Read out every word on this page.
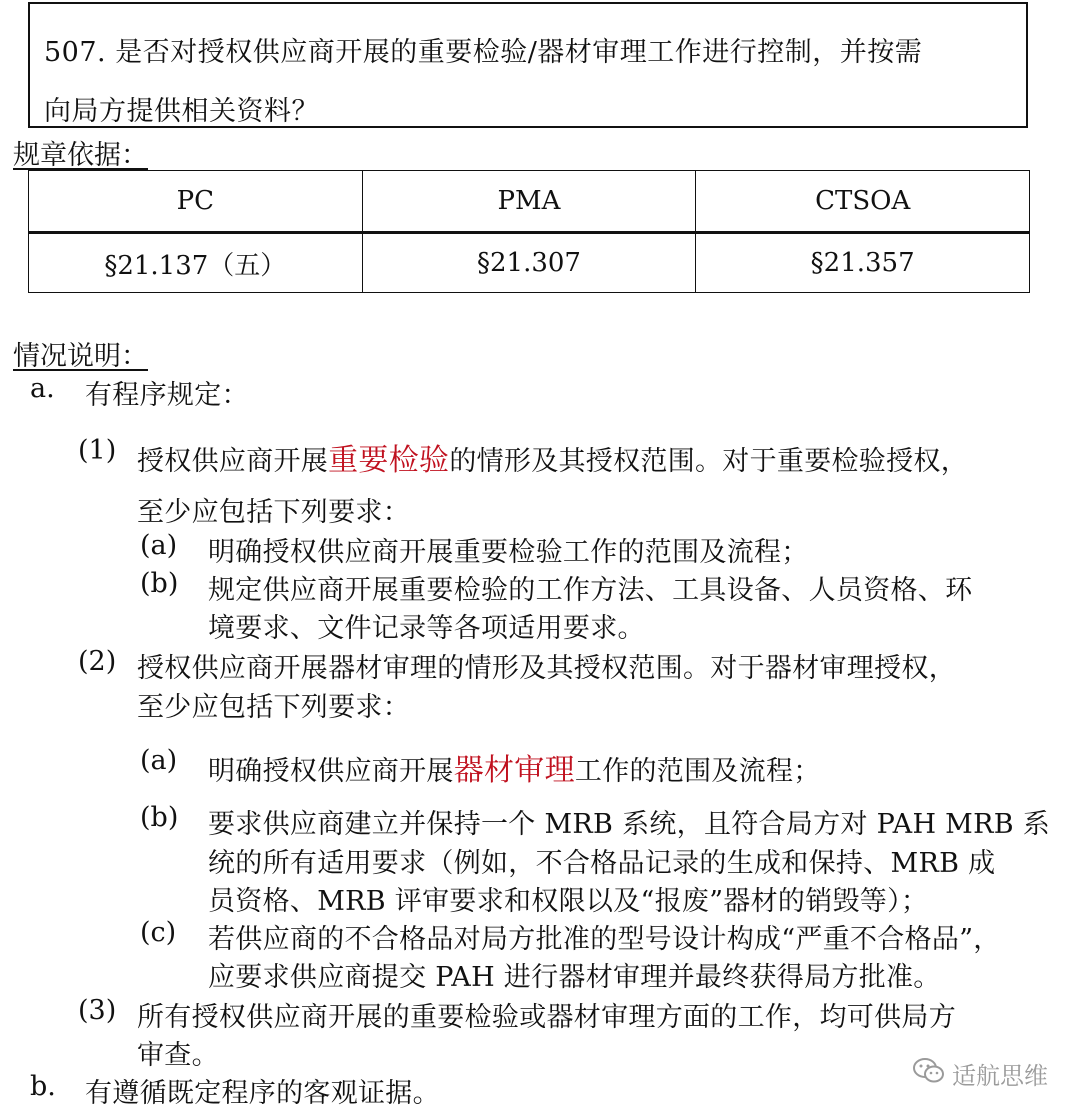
507. 是否对授权供应商开展的重要检验/器材审理工作进行控制，并按需
向局方提供相关资料？
规章依据：
PC	PMA	CTSOA
§21.137（五）	§21.307	§21.357
情况说明：
a. 有程序规定：
(1) 授权供应商开展重要检验的情形及其授权范围。对于重要检验授权，
至少应包括下列要求：
(a) 明确授权供应商开展重要检验工作的范围及流程；
(b) 规定供应商开展重要检验的工作方法、工具设备、人员资格、环
境要求、文件记录等各项适用要求。
(2) 授权供应商开展器材审理的情形及其授权范围。对于器材审理授权，
至少应包括下列要求：
(a) 明确授权供应商开展器材审理工作的范围及流程；
(b) 要求供应商建立并保持一个 MRB 系统，且符合局方对 PAH MRB 系
统的所有适用要求（例如，不合格品记录的生成和保持、MRB 成
员资格、MRB 评审要求和权限以及“报废”器材的销毁等）；
(c) 若供应商的不合格品对局方批准的型号设计构成“严重不合格品”，
应要求供应商提交 PAH 进行器材审理并最终获得局方批准。
(3) 所有授权供应商开展的重要检验或器材审理方面的工作，均可供局方
审查。
b. 有遵循既定程序的客观证据。
适航思维
